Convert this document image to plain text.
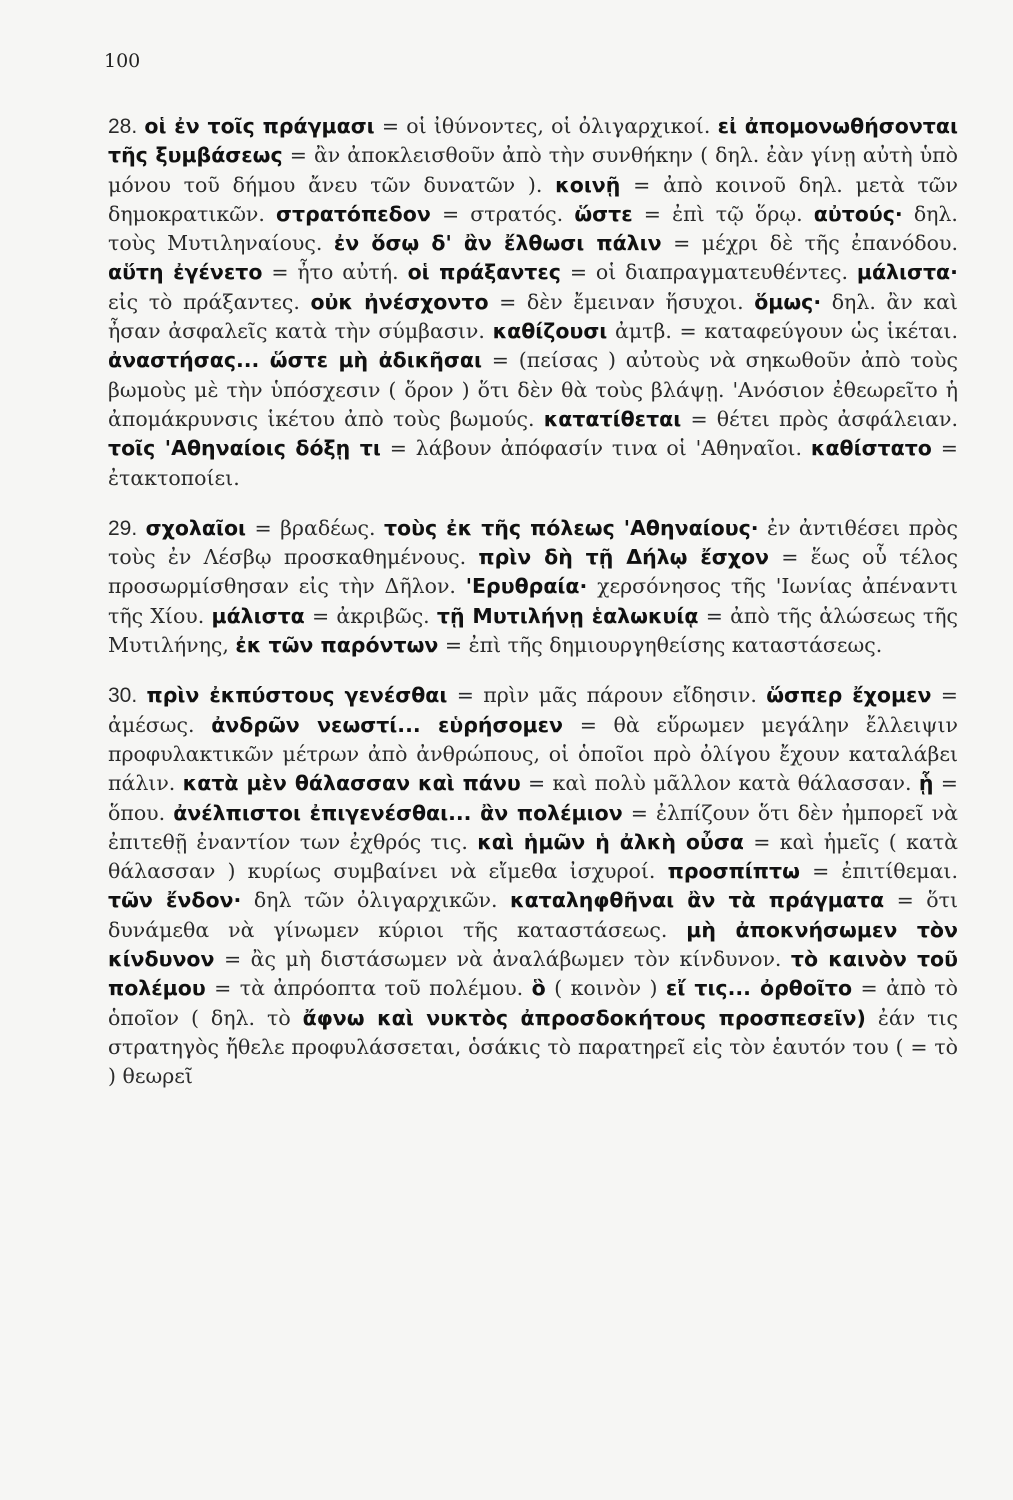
100

28. οἱ ἐν τοῖς πράγμασι = οἱ ἰθύνοντες, οἱ ὀλιγαρχικοί. εἰ ἀπομονωθήσονται τῆς ξυμβάσεως = ἂν ἀποκλεισθοῦν ἀπὸ τὴν συνθήκην ( δηλ. ἐὰν γίνῃ αὐτὴ ὑπὸ μόνου τοῦ δήμου ἄνευ τῶν δυνατῶν ). κοινῇ = ἀπὸ κοινοῦ δηλ. μετὰ τῶν δημοκρατικῶν. στρατόπεδον = στρατός. ὥστε = ἐπὶ τῷ ὅρῳ. αὐτούς· δηλ. τοὺς Μυτιληναίους. ἐν ὅσῳ δ' ἂν ἔλθωσι πάλιν = μέχρι δὲ τῆς ἐπανόδου. αὕτη ἐγένετο = ἦτο αὐτή. οἱ πράξαντες = οἱ διαπραγματευθέντες. μάλιστα· εἰς τὸ πράξαντες. οὐκ ἠνέσχοντο = δὲν ἔμειναν ἥσυχοι. ὅμως· δηλ. ἂν καὶ ἦσαν ἀσφαλεῖς κατὰ τὴν σύμβασιν. καθίζουσι ἀμτβ. = καταφεύγουν ὡς ἱκέται. ἀναστήσας... ὥστε μὴ ἀδικῆσαι = (πείσας ) αὐτοὺς νὰ σηκωθοῦν ἀπὸ τοὺς βωμοὺς μὲ τὴν ὑπόσχεσιν ( ὅρον ) ὅτι δὲν θὰ τοὺς βλάψῃ. 'Ανόσιον ἐθεωρεῖτο ἡ ἀπομάκρυνσις ἱκέτου ἀπὸ τοὺς βωμούς. κατατίθεται = θέτει πρὸς ἀσφάλειαν. τοῖς 'Αθηναίοις δόξῃ τι = λάβουν ἀπόφασίν τινα οἱ 'Αθηναῖοι. καθίστατο = ἐτακτοποίει.

29. σχολαῖοι = βραδέως. τοὺς ἐκ τῆς πόλεως 'Αθηναίους· ἐν ἀντιθέσει πρὸς τοὺς ἐν Λέσβῳ προσκαθημένους. πρὶν δὴ τῇ Δήλῳ ἔσχον = ἕως οὗ τέλος προσωρμίσθησαν εἰς τὴν Δῆλον. 'Ερυθραία· χερσόνησος τῆς 'Ιωνίας ἀπέναντι τῆς Χίου. μάλιστα = ἀκριβῶς. τῇ Μυτιλήνῃ ἑαλωκυίᾳ = ἀπὸ τῆς ἁλώσεως τῆς Μυτιλήνης, ἐκ τῶν παρόντων = ἐπὶ τῆς δημιουργηθείσης καταστάσεως.

30. πρὶν ἐκπύστους γενέσθαι = πρὶν μᾶς πάρουν εἴδησιν. ὥσπερ ἔχομεν = ἀμέσως. ἀνδρῶν νεωστί... εὑρήσομεν = θὰ εὕρωμεν μεγάλην ἔλλειψιν προφυλακτικῶν μέτρων ἀπὸ ἀνθρώπους, οἱ ὁποῖοι πρὸ ὀλίγου ἔχουν καταλάβει πάλιν. κατὰ μὲν θάλασσαν καὶ πάνυ = καὶ πολὺ μᾶλλον κατὰ θάλασσαν. ᾗ = ὅπου. ἀνέλπιστοι ἐπιγενέσθαι... ἂν πολέμιον = ἐλπίζουν ὅτι δὲν ἠμπορεῖ νὰ ἐπιτεθῇ ἐναντίον των ἐχθρός τις. καὶ ἡμῶν ἡ ἀλκὴ οὖσα = καὶ ἡμεῖς ( κατὰ θάλασσαν ) κυρίως συμβαίνει νὰ εἴμεθα ἰσχυροί. προσπίπτω = ἐπιτίθεμαι. τῶν ἔνδον· δηλ τῶν ὀλιγαρχικῶν. καταληφθῆναι ἂν τὰ πράγματα = ὅτι δυνάμεθα νὰ γίνωμεν κύριοι τῆς καταστάσεως. μὴ ἀποκνήσωμεν τὸν κίνδυνον = ἂς μὴ διστάσωμεν νὰ ἀναλάβωμεν τὸν κίνδυνον. τὸ καινὸν τοῦ πολέμου = τὰ ἀπρόοπτα τοῦ πολέμου. ὃ ( κοινὸν ) εἴ τις... ὀρθοῖτο = ἀπὸ τὸ ὁποῖον ( δηλ. τὸ ἄφνω καὶ νυκτὸς ἀπροσδοκήτους προσπεσεῖν) ἐάν τις στρατηγὸς ἤθελε προφυλάσσεται, ὁσάκις τὸ παρατηρεῖ εἰς τὸν ἑαυτόν του ( = τὸ ) θεωρεῖ
